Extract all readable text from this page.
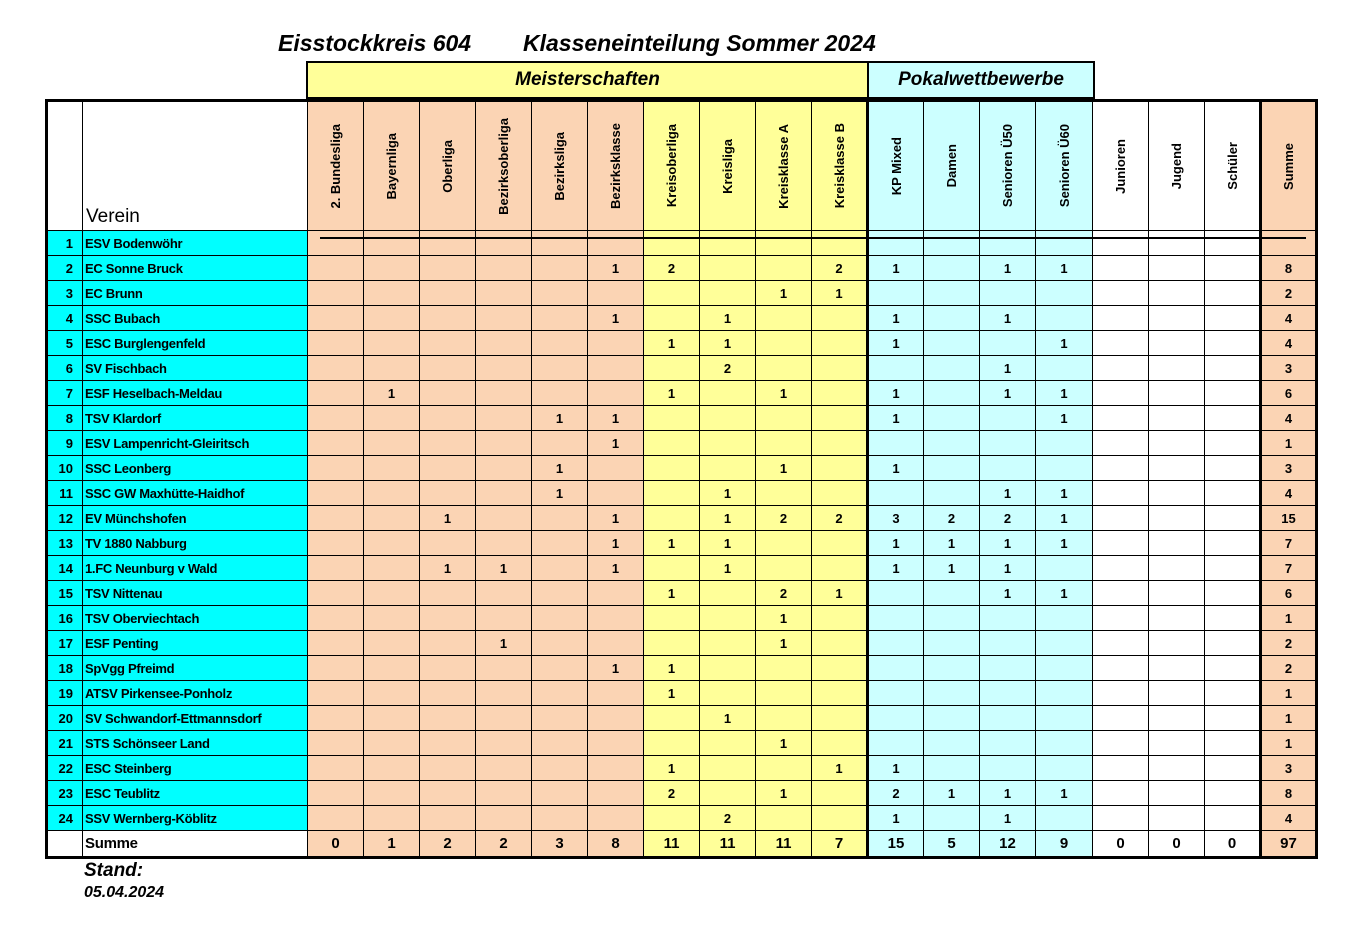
Eisstockkreis 604 Klasseneinteilung Sommer 2024
Meisterschaften	Pokalwettbewerbe
	Verein	2. Bundesliga	Bayernliga	Oberliga	Bezirksoberliga	Bezirksliga	Bezirksklasse	Kreisoberliga	Kreisliga	Kreisklasse A	Kreisklasse B	KP Mixed	Damen	Senioren Ü50	Senioren Ü60	Junioren	Jugend	Schüler	Summe

1	ESV Bodenwöhr																		
2	EC Sonne Bruck						1	2			2	1		1	1				8
3	EC Brunn									1	1								2
4	SSC Bubach						1		1			1		1					4
5	ESC Burglengenfeld							1	1			1			1				4
6	SV Fischbach								2					1					3
7	ESF Heselbach-Meldau		1					1		1		1		1	1				6
8	TSV Klardorf					1	1					1			1				4
9	ESV Lampenricht-Gleiritsch						1												1
10	SSC Leonberg					1				1		1							3
11	SSC GW Maxhütte-Haidhof					1			1					1	1				4
12	EV Münchshofen			1			1		1	2	2	3	2	2	1				15
13	TV 1880 Nabburg						1	1	1			1	1	1	1				7
14	1.FC Neunburg v Wald			1	1		1		1			1	1	1					7
15	TSV Nittenau							1		2	1			1	1				6
16	TSV Oberviechtach									1									1
17	ESF Penting				1					1									2
18	SpVgg Pfreimd						1	1											2
19	ATSV Pirkensee-Ponholz							1											1
20	SV Schwandorf-Ettmannsdorf								1										1
21	STS Schönseer Land									1									1
22	ESC Steinberg							1			1	1							3
23	ESC Teublitz							2		1		2	1	1	1				8
24	SSV Wernberg-Köblitz								2			1		1					4
	Summe	0	1	2	2	3	8	11	11	11	7	15	5	12	9	0	0	0	97
Stand:
05.04.2024
